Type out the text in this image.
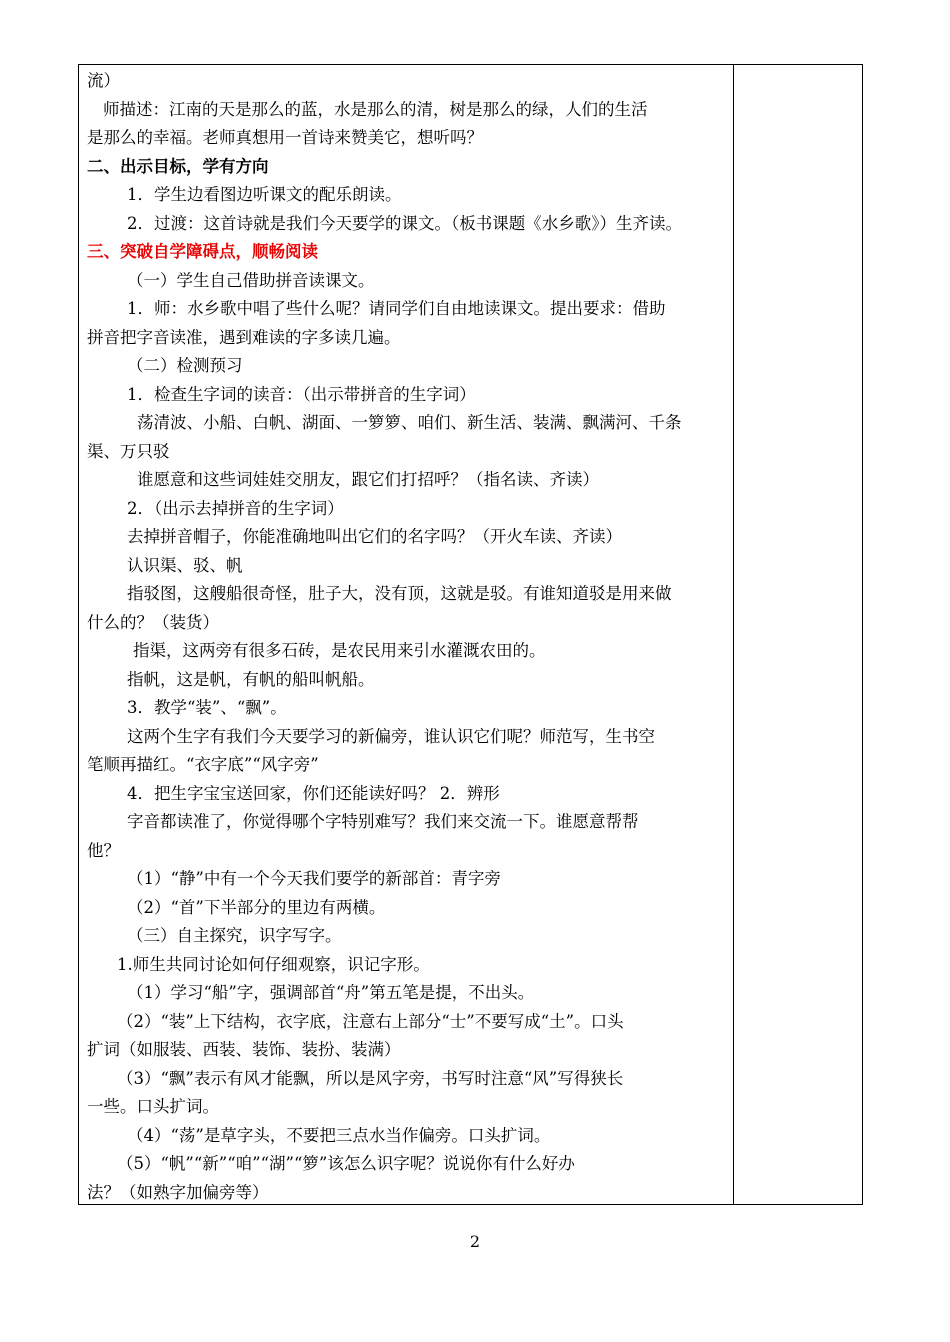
流）

师描述：江南的天是那么的蓝，水是那么的清，树是那么的绿，人们的生活

是那么的幸福。老师真想用一首诗来赞美它，想听吗？

二、出示目标，学有方向

1．学生边看图边听课文的配乐朗读。

2．过渡：这首诗就是我们今天要学的课文。（板书课题《水乡歌》）生齐读。

三、突破自学障碍点，顺畅阅读

（一）学生自己借助拼音读课文。

1．师：水乡歌中唱了些什么呢？请同学们自由地读课文。提出要求：借助

拼音把字音读准，遇到难读的字多读几遍。

（二）检测预习

1．检查生字词的读音：（出示带拼音的生字词）

荡清波、小船、白帆、湖面、一箩箩、咱们、新生活、装满、飘满河、千条

渠、万只驳

谁愿意和这些词娃娃交朋友，跟它们打招呼？（指名读、齐读）

2．（出示去掉拼音的生字词）

去掉拼音帽子，你能准确地叫出它们的名字吗？（开火车读、齐读）

认识渠、驳、帆

指驳图，这艘船很奇怪，肚子大，没有顶，这就是驳。有谁知道驳是用来做

什么的？（装货）

指渠，这两旁有很多石砖，是农民用来引水灌溉农田的。

指帆，这是帆，有帆的船叫帆船。

3．教学“装”、“飘”。

这两个生字有我们今天要学习的新偏旁，谁认识它们呢？师范写，生书空

笔顺再描红。“衣字底”“风字旁”

4．把生字宝宝送回家，你们还能读好吗？ 2．辨形

字音都读准了，你觉得哪个字特别难写？我们来交流一下。谁愿意帮帮

他？

（1）“静”中有一个今天我们要学的新部首：青字旁

（2）“首”下半部分的里边有两横。

（三）自主探究，识字写字。

1.师生共同讨论如何仔细观察，识记字形。

（1）学习“船”字，强调部首“舟”第五笔是提，不出头。

（2）“装”上下结构，衣字底，注意右上部分“士”不要写成“土”。口头

扩词（如服装、西装、装饰、装扮、装满）

（3）“飘”表示有风才能飘，所以是风字旁，书写时注意“风”写得狭长

一些。口头扩词。

（4）“荡”是草字头，不要把三点水当作偏旁。口头扩词。

（5）“帆”“新”“咱”“湖”“箩”该怎么识字呢？说说你有什么好办

法？（如熟字加偏旁等）

2
